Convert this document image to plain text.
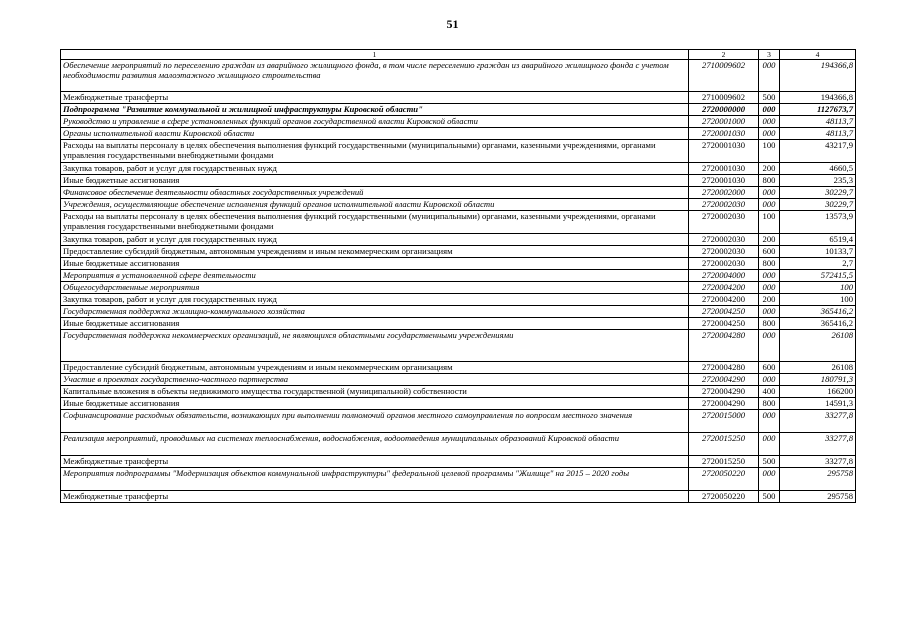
51
1	2	3	4
Обеспечение мероприятий по переселению граждан из аварийного жилищного фонда, в том числе переселению граждан из аварийного жилищного фонда с учетом необходимости развития малоэтажного жилищного строительства	2710009602	000	194366,8
Межбюджетные трансферты	2710009602	500	194366,8
Подпрограмма "Развитие коммунальной и жилищной инфраструктуры Кировской области"	2720000000	000	1127673,7
Руководство и управление в сфере установленных функций органов государственной власти Кировской области	2720001000	000	48113,7
Органы исполнительной власти Кировской области	2720001030	000	48113,7
Расходы на выплаты персоналу в целях обеспечения выполнения функций государственными (муниципальными) органами, казенными учреждениями, органами управления государственными внебюджетными фондами	2720001030	100	43217,9
Закупка товаров, работ и услуг для государственных нужд	2720001030	200	4660,5
Иные бюджетные ассигнования	2720001030	800	235,3
Финансовое обеспечение деятельности областных государственных учреждений	2720002000	000	30229,7
Учреждения, осуществляющие обеспечение исполнения функций органов исполнительной власти Кировской области	2720002030	000	30229,7
Расходы на выплаты персоналу в целях обеспечения выполнения функций государственными (муниципальными) органами, казенными учреждениями, органами управления государственными внебюджетными фондами	2720002030	100	13573,9
Закупка товаров, работ и услуг для государственных нужд	2720002030	200	6519,4
Предоставление субсидий бюджетным, автономным учреждениям и иным некоммерческим организациям	2720002030	600	10133,7
Иные бюджетные ассигнования	2720002030	800	2,7
Мероприятия в установленной сфере деятельности	2720004000	000	572415,5
Общегосударственные мероприятия	2720004200	000	100
Закупка товаров, работ и услуг для государственных нужд	2720004200	200	100
Государственная поддержка жилищно-коммунального хозяйства	2720004250	000	365416,2
Иные бюджетные ассигнования	2720004250	800	365416,2
Государственная поддержка некоммерческих организаций, не являющихся областными государственными учреждениями	2720004280	000	26108
Предоставление субсидий бюджетным, автономным учреждениям и иным некоммерческим организациям	2720004280	600	26108
Участие в проектах государственно-частного партнерства	2720004290	000	180791,3
Капитальные вложения в объекты недвижимого имущества государственной (муниципальной) собственности	2720004290	400	166200
Иные бюджетные ассигнования	2720004290	800	14591,3
Софинансирование расходных обязательств, возникающих при выполнении полномочий органов местного самоуправления по вопросам местного значения	2720015000	000	33277,8
Реализация мероприятий, проводимых на системах теплоснабжения, водоснабжения, водоотведения муниципальных образований Кировской области	2720015250	000	33277,8
Межбюджетные трансферты	2720015250	500	33277,8
Мероприятия подпрограммы "Модернизация объектов коммунальной инфраструктуры" федеральной целевой программы "Жилище" на 2015 – 2020 годы	2720050220	000	295758
Межбюджетные трансферты	2720050220	500	295758
